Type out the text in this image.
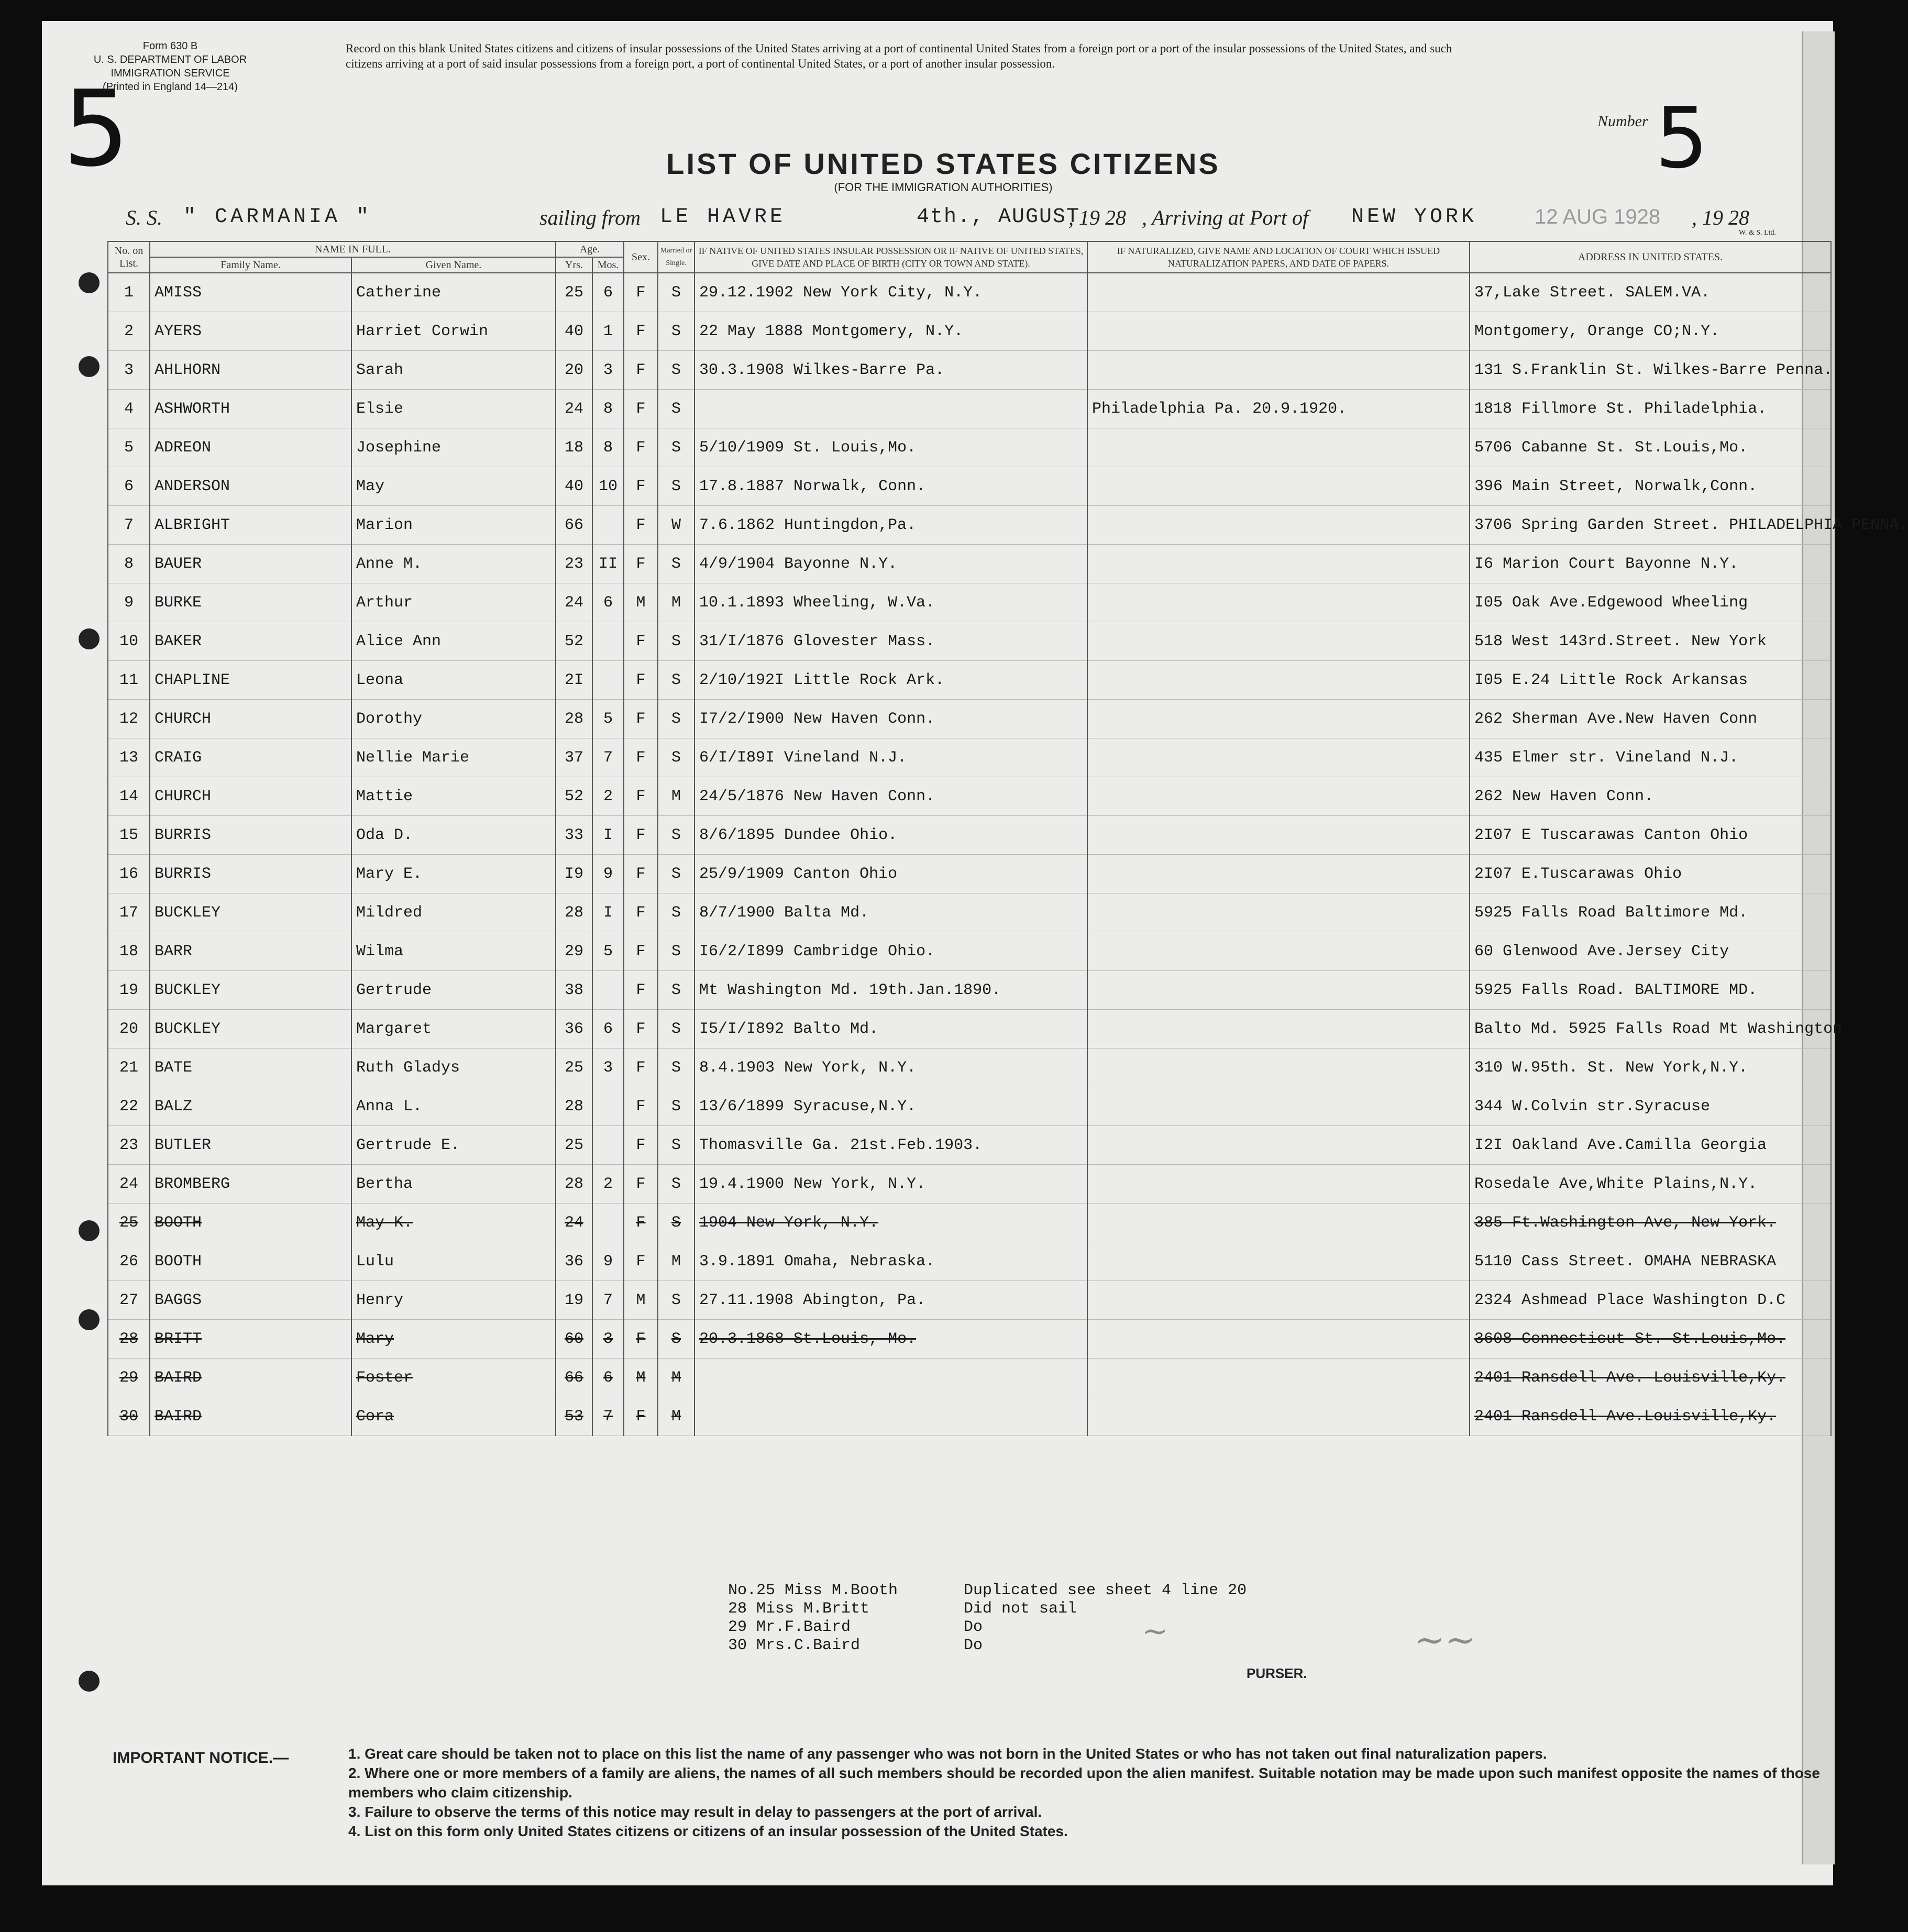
5
Form 630 B
U. S. DEPARTMENT OF LABOR
IMMIGRATION SERVICE
(Printed in England 14—214)
Record on this blank United States citizens and citizens of insular possessions of the United States arriving at a port of continental United States from a foreign port or a port of the insular possessions of the United States, and such citizens arriving at a port of said insular possessions from a foreign port, a port of continental United States, or a port of another insular possession.
LIST OF UNITED STATES CITIZENS
(FOR THE IMMIGRATION AUTHORITIES)
Number 5
S. S. " CARMANIA "	sailing from LE HAVRE	4th., AUGUST
, 19 28 , Arriving at Port of NEW YORK	12 AUG 1928 , 19 28
W. & S. Ltd.
No. on List.	NAME IN FULL.		Age.		Sex.	Married or Single.	IF NATIVE OF UNITED STATES INSULAR POSSESSION OR IF NATIVE OF UNITED STATES, GIVE DATE AND PLACE OF BIRTH (CITY OR TOWN AND STATE).	IF NATURALIZED, GIVE NAME AND LOCATION OF COURT WHICH ISSUED NATURALIZATION PAPERS, AND DATE OF PAPERS.	ADDRESS IN UNITED STATES.
	Family Name.	Given Name.	Yrs.	Mos.					
1	AMISS	Catherine	25	6	F	S	29.12.1902 New York City, N.Y.		37,Lake Street. SALEM.VA.
2	AYERS	Harriet Corwin	40	1	F	S	22 May 1888 Montgomery, N.Y.		Montgomery, Orange CO;N.Y.
3	AHLHORN	Sarah	20	3	F	S	30.3.1908 Wilkes-Barre Pa.		131 S.Franklin St. Wilkes-Barre Penna.
4	ASHWORTH	Elsie	24	8	F	S		Philadelphia Pa. 20.9.1920.	1818 Fillmore St. Philadelphia.
5	ADREON	Josephine	18	8	F	S	5/10/1909 St. Louis,Mo.		5706 Cabanne St. St.Louis,Mo.
6	ANDERSON	May	40	10	F	S	17.8.1887 Norwalk, Conn.		396 Main Street, Norwalk,Conn.
7	ALBRIGHT	Marion	66		F	W	7.6.1862 Huntingdon,Pa.		3706 Spring Garden Street. PHILADELPHIA PENNA.
8	BAUER	Anne M.	23	II	F	S	4/9/1904 Bayonne N.Y.		I6 Marion Court Bayonne N.Y.
9	BURKE	Arthur	24	6	M	M	10.1.1893 Wheeling, W.Va.		I05 Oak Ave.Edgewood Wheeling
10	BAKER	Alice Ann	52		F	S	31/I/1876 Glovester Mass.		518 West 143rd.Street. New York
11	CHAPLINE	Leona	2I		F	S	2/10/192I Little Rock Ark.		I05 E.24 Little Rock Arkansas
12	CHURCH	Dorothy	28	5	F	S	I7/2/I900 New Haven Conn.		262 Sherman Ave.New Haven Conn
13	CRAIG	Nellie Marie	37	7	F	S	6/I/I89I Vineland N.J.		435 Elmer str. Vineland N.J.
14	CHURCH	Mattie	52	2	F	M	24/5/1876 New Haven Conn.		262 New Haven Conn.
15	BURRIS	Oda D.	33	I	F	S	8/6/1895 Dundee Ohio.		2I07 E Tuscarawas Canton Ohio
16	BURRIS	Mary E.	I9	9	F	S	25/9/1909 Canton Ohio		2I07 E.Tuscarawas Ohio
17	BUCKLEY	Mildred	28	I	F	S	8/7/1900 Balta Md.		5925 Falls Road Baltimore Md.
18	BARR	Wilma	29	5	F	S	I6/2/I899 Cambridge Ohio.		60 Glenwood Ave.Jersey City
19	BUCKLEY	Gertrude	38		F	S	Mt Washington Md. 19th.Jan.1890.		5925 Falls Road. BALTIMORE MD.
20	BUCKLEY	Margaret	36	6	F	S	I5/I/I892 Balto Md.		Balto Md. 5925 Falls Road Mt Washington
21	BATE	Ruth Gladys	25	3	F	S	8.4.1903 New York, N.Y.		310 W.95th. St. New York,N.Y.
22	BALZ	Anna L.	28		F	S	13/6/1899 Syracuse,N.Y.		344 W.Colvin str.Syracuse
23	BUTLER	Gertrude E.	25		F	S	Thomasville Ga. 21st.Feb.1903.		I2I Oakland Ave.Camilla Georgia
24	BROMBERG	Bertha	28	2	F	S	19.4.1900 New York, N.Y.		Rosedale Ave,White Plains,N.Y.
25	BOOTH	May K.	24		F	S	1904 New York, N.Y.		385 Ft.Washington Ave, New York.
26	BOOTH	Lulu	36	9	F	M	3.9.1891 Omaha, Nebraska.		5110 Cass Street. OMAHA NEBRASKA
27	BAGGS	Henry	19	7	M	S	27.11.1908 Abington, Pa.		2324 Ashmead Place Washington D.C
28	BRITT	Mary	60	3	F	S	20.3.1868 St.Louis, Mo.		3608 Connecticut St. St.Louis,Mo.
29	BAIRD	Foster	66	6	M	M			2401 Ransdell Ave. Louisville,Ky.
30	BAIRD	Cora	53	7	F	M			2401 Ransdell Ave.Louisville,Ky.
No.25 Miss M.Booth	Duplicated see sheet 4 line 20
28 Miss M.Britt	Did not sail
29 Mr.F.Baird	Do
30 Mrs.C.Baird	Do	~	~~
PURSER.
IMPORTANT NOTICE.—	1. Great care should be taken not to place on this list the name of any passenger who was not born in the United States or who has not taken out final naturalization papers.
2. Where one or more members of a family are aliens, the names of all such members should be recorded upon the alien manifest. Suitable notation may be made upon such manifest opposite the names of those members who claim citizenship.
3. Failure to observe the terms of this notice may result in delay to passengers at the port of arrival.
4. List on this form only United States citizens or citizens of an insular possession of the United States.
